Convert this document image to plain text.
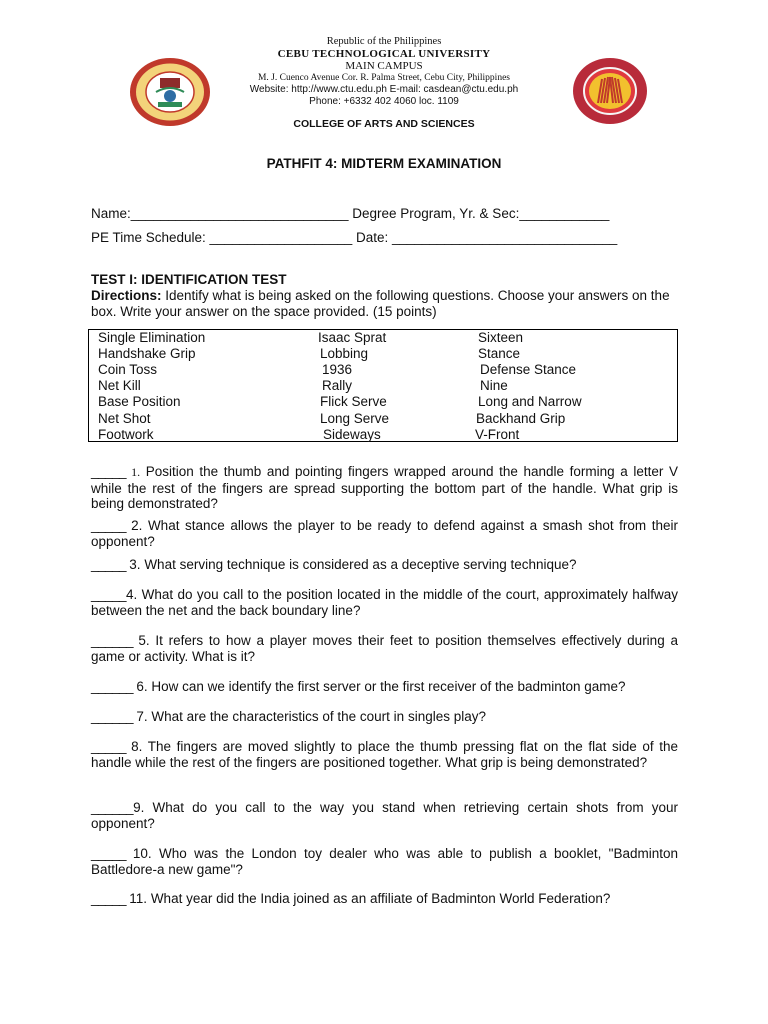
Republic of the Philippines
CEBU TECHNOLOGICAL UNIVERSITY
MAIN CAMPUS
M. J. Cuenco Avenue Cor. R. Palma Street, Cebu City, Philippines
Website: http://www.ctu.edu.ph E-mail: casdean@ctu.edu.ph
Phone: +6332 402 4060 loc. 1109
COLLEGE OF ARTS AND SCIENCES
PATHFIT 4: MIDTERM EXAMINATION
Name:_____________________________ Degree Program, Yr. & Sec:____________
PE Time Schedule: ___________________ Date: ______________________________
TEST I: IDENTIFICATION TEST
Directions: Identify what is being asked on the following questions. Choose your answers on the box. Write your answer on the space provided. (15 points)
Single Elimination
Handshake Grip
Coin Toss
Net Kill
Base Position
Net Shot
Footwork
Isaac Sprat
Lobbing
1936
Rally
Flick Serve
Long Serve
Sideways
Sixteen
Stance
Defense Stance
Nine
Long and Narrow
Backhand Grip
V-Front
_____ 1. Position the thumb and pointing fingers wrapped around the handle forming a letter V while the rest of the fingers are spread supporting the bottom part of the handle. What grip is being demonstrated?
_____ 2. What stance allows the player to be ready to defend against a smash shot from their opponent?
_____ 3. What serving technique is considered as a deceptive serving technique?
_____4. What do you call to the position located in the middle of the court, approximately halfway between the net and the back boundary line?
______ 5. It refers to how a player moves their feet to position themselves effectively during a game or activity. What is it?
______ 6. How can we identify the first server or the first receiver of the badminton game?
______ 7. What are the characteristics of the court in singles play?
_____ 8. The fingers are moved slightly to place the thumb pressing flat on the flat side of the handle while the rest of the fingers are positioned together. What grip is being demonstrated?
______9. What do you call to the way you stand when retrieving certain shots from your opponent?
_____ 10. Who was the London toy dealer who was able to publish a booklet, "Badminton Battledore-a new game"?
_____ 11. What year did the India joined as an affiliate of Badminton World Federation?
